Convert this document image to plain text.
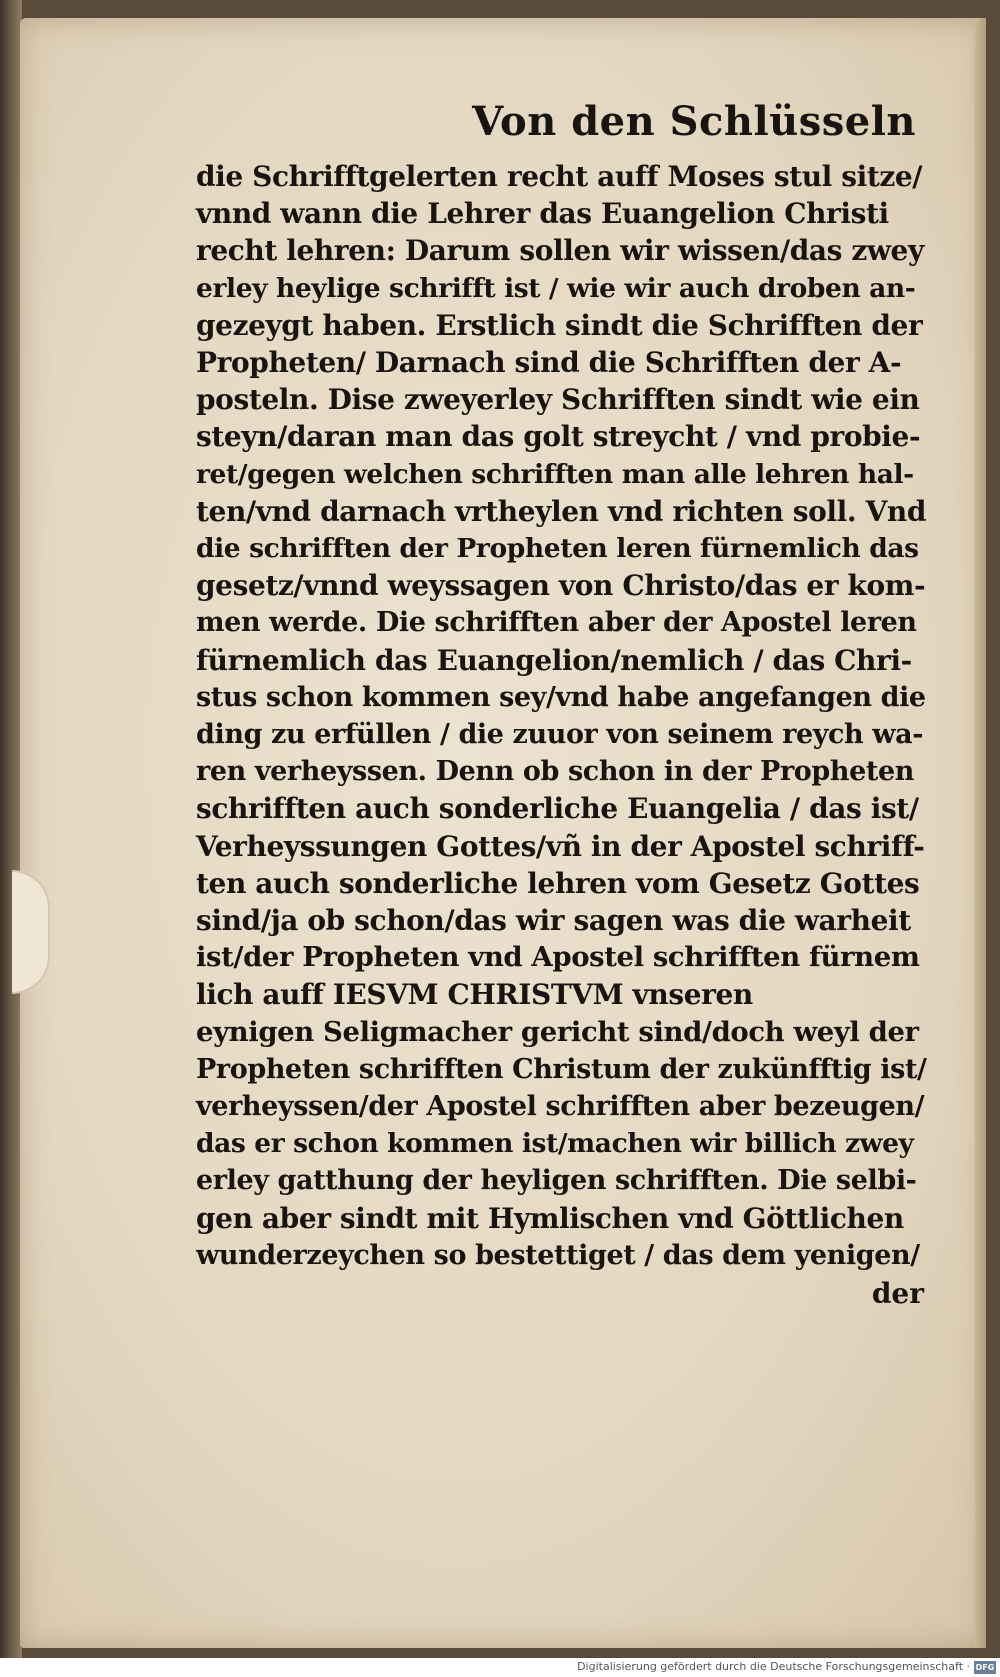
Von den Schlüsseln
die Schrifftgelerten recht auff Moses stul sitze/
vnnd wann die Lehrer das Euangelion Christi
recht lehren: Darum sollen wir wissen/das zwey
erley heylige schrifft ist / wie wir auch droben an-
gezeygt haben. Erstlich sindt die Schrifften der
Propheten/ Darnach sind die Schrifften der A-
posteln. Dise zweyerley Schrifften sindt wie ein
steyn/daran man das golt streycht / vnd probie-
ret/gegen welchen schrifften man alle lehren hal-
ten/vnd darnach vrtheylen vnd richten soll. Vnd
die schrifften der Propheten leren fürnemlich das
gesetz/vnnd weyssagen von Christo/das er kom-
men werde. Die schrifften aber der Apostel leren
fürnemlich das Euangelion/nemlich / das Chri-
stus schon kommen sey/vnd habe angefangen die
ding zu erfüllen / die zuuor von seinem reych wa-
ren verheyssen. Denn ob schon in der Propheten
schrifften auch sonderliche Euangelia / das ist/
Verheyssungen Gottes/vñ in der Apostel schriff-
ten auch sonderliche lehren vom Gesetz Gottes
sind/ja ob schon/das wir sagen was die warheit
ist/der Propheten vnd Apostel schrifften fürnem
lich auff IESVM CHRISTVM vnseren
eynigen Seligmacher gericht sind/doch weyl der
Propheten schrifften Christum der zukünfftig ist/
verheyssen/der Apostel schrifften aber bezeugen/
das er schon kommen ist/machen wir billich zwey
erley gatthung der heyligen schrifften. Die selbi-
gen aber sindt mit Hymlischen vnd Göttlichen
wunderzeychen so bestettiget / das dem yenigen/
der
Digitalisierung gefördert durch die Deutsche Forschungsgemeinschaft · DFG
